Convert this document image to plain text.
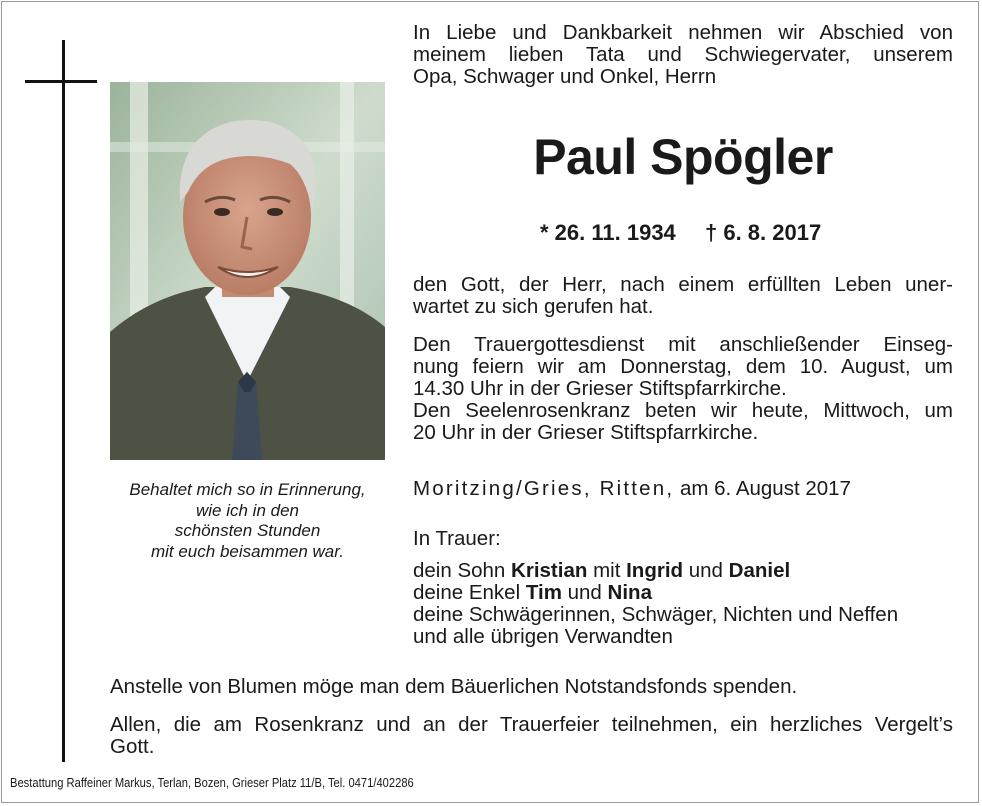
Behaltet mich so in Erinnerung,
wie ich in den
schönsten Stunden
mit euch beisammen war.
In Liebe und Dankbarkeit nehmen wir Abschied von
meinem lieben Tata und Schwiegervater, unserem
Opa, Schwager und Onkel, Herrn
Paul Spögler
* 26. 11. 1934 † 6. 8. 2017
den Gott, der Herr, nach einem erfüllten Leben uner-
wartet zu sich gerufen hat.
Den Trauergottesdienst mit anschließender Einseg-
nung feiern wir am Donnerstag, dem 10. August, um
14.30 Uhr in der Grieser Stiftspfarrkirche.
Den Seelenrosenkranz beten wir heute, Mittwoch, um
20 Uhr in der Grieser Stiftspfarrkirche.
Moritzing/Gries, Ritten, am 6. August 2017
In Trauer:
dein Sohn Kristian mit Ingrid und Daniel
deine Enkel Tim und Nina
deine Schwägerinnen, Schwäger, Nichten und Neffen
und alle übrigen Verwandten
Anstelle von Blumen möge man dem Bäuerlichen Notstandsfonds spenden.
Allen, die am Rosenkranz und an der Trauerfeier teilnehmen, ein herzliches Vergelt’s
Gott.
Bestattung Raffeiner Markus, Terlan, Bozen, Grieser Platz 11/B, Tel. 0471/402286
